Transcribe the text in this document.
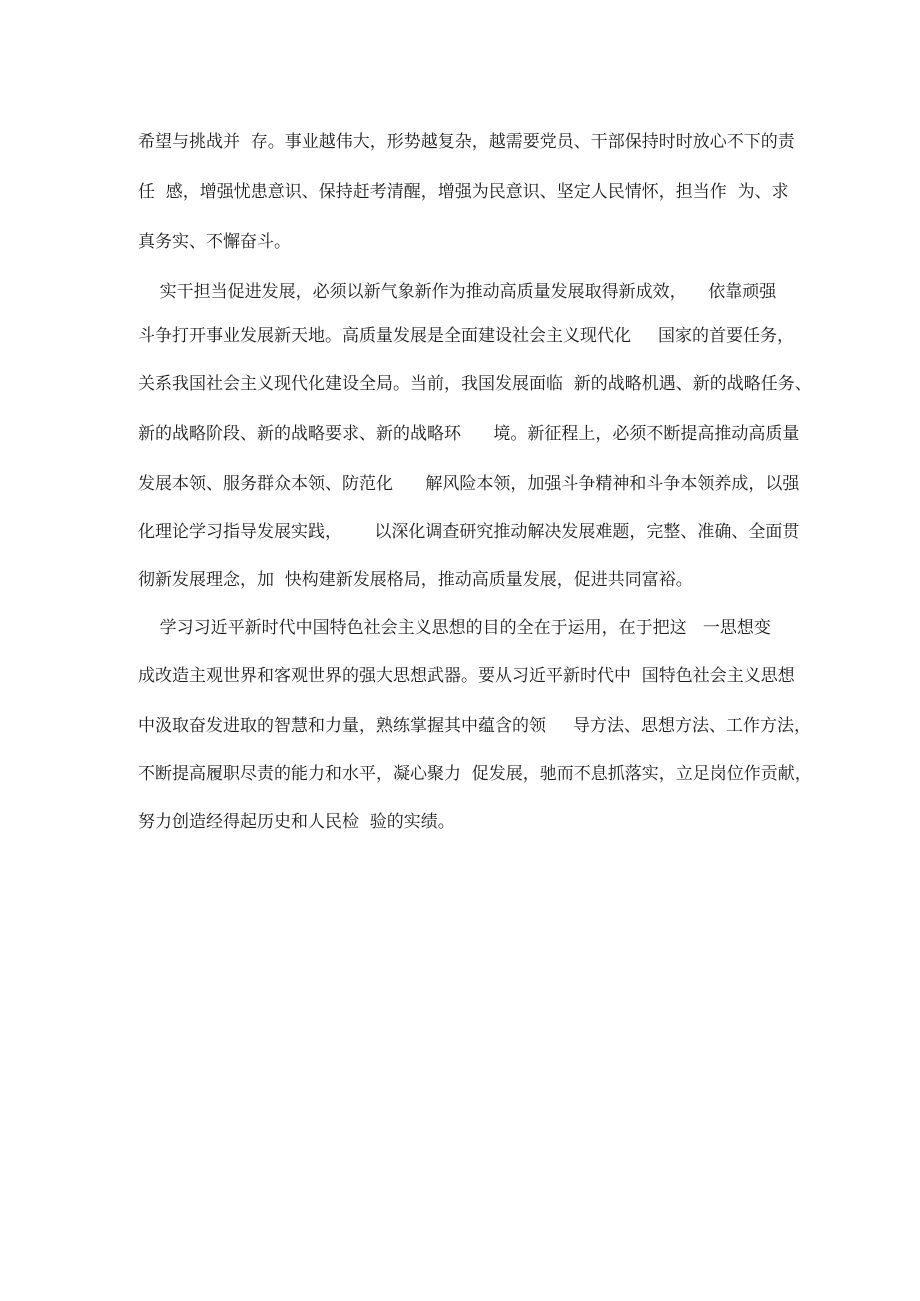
希望与挑战并  存。事业越伟大，形势越复杂，越需要党员、干部保持时时放心不下的责
任  感，增强忧患意识、保持赶考清醒，增强为民意识、坚定人民情怀，担当作  为、求
真务实、不懈奋斗。
实干担当促进发展，必须以新气象新作为推动高质量发展取得新成效，    依靠顽强
斗争打开事业发展新天地。高质量发展是全面建设社会主义现代化     国家的首要任务，
关系我国社会主义现代化建设全局。当前，我国发展面临  新的战略机遇、新的战略任务、
新的战略阶段、新的战略要求、新的战略环      境。新征程上，必须不断提高推动高质量
发展本领、服务群众本领、防范化      解风险本领，加强斗争精神和斗争本领养成，以强
化理论学习指导发展实践，      以深化调查研究推动解决发展难题，完整、准确、全面贯
彻新发展理念，加  快构建新发展格局，推动高质量发展，促进共同富裕。
学习习近平新时代中国特色社会主义思想的目的全在于运用，在于把这   一思想变
成改造主观世界和客观世界的强大思想武器。要从习近平新时代中  国特色社会主义思想
中汲取奋发进取的智慧和力量，熟练掌握其中蕴含的领     导方法、思想方法、工作方法，
不断提高履职尽责的能力和水平，凝心聚力  促发展，驰而不息抓落实，立足岗位作贡献，
努力创造经得起历史和人民检  验的实绩。
